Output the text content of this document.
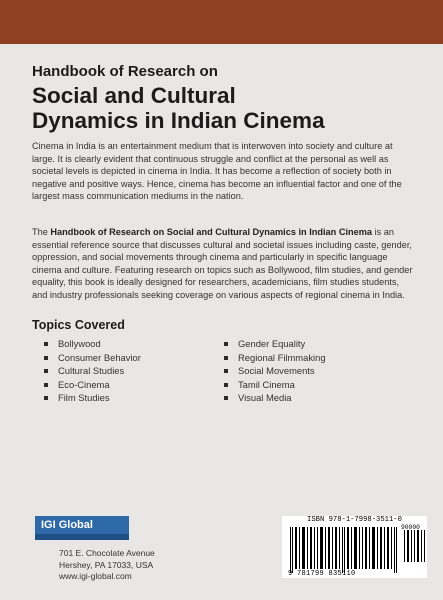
Handbook of Research on

Social and Cultural
Dynamics in Indian Cinema

Cinema in India is an entertainment medium that is interwoven into society and culture at large. It is clearly evident that continuous struggle and conflict at the personal as well as societal levels is depicted in cinema in India. It has become a reflection of society both in negative and positive ways. Hence, cinema has become an influential factor and one of the largest mass communication mediums in the nation.

The Handbook of Research on Social and Cultural Dynamics in Indian Cinema is an essential reference source that discusses cultural and societal issues including caste, gender, oppression, and social movements through cinema and particularly in specific language cinema and culture. Featuring research on topics such as Bollywood, film studies, and gender equality, this book is ideally designed for researchers, academicians, film studies students, and industry professionals seeking coverage on various aspects of regional cinema in India.

Topics Covered

Bollywood
Consumer Behavior
Cultural Studies
Eco-Cinema
Film Studies
Gender Equality
Regional Filmmaking
Social Movements
Tamil Cinema
Visual Media
IGI Global
701 E. Chocolate Avenue
Hershey, PA 17033, USA
www.igi-global.com
ISBN 978-1-7998-3511-0
90000
9 781799 835110
